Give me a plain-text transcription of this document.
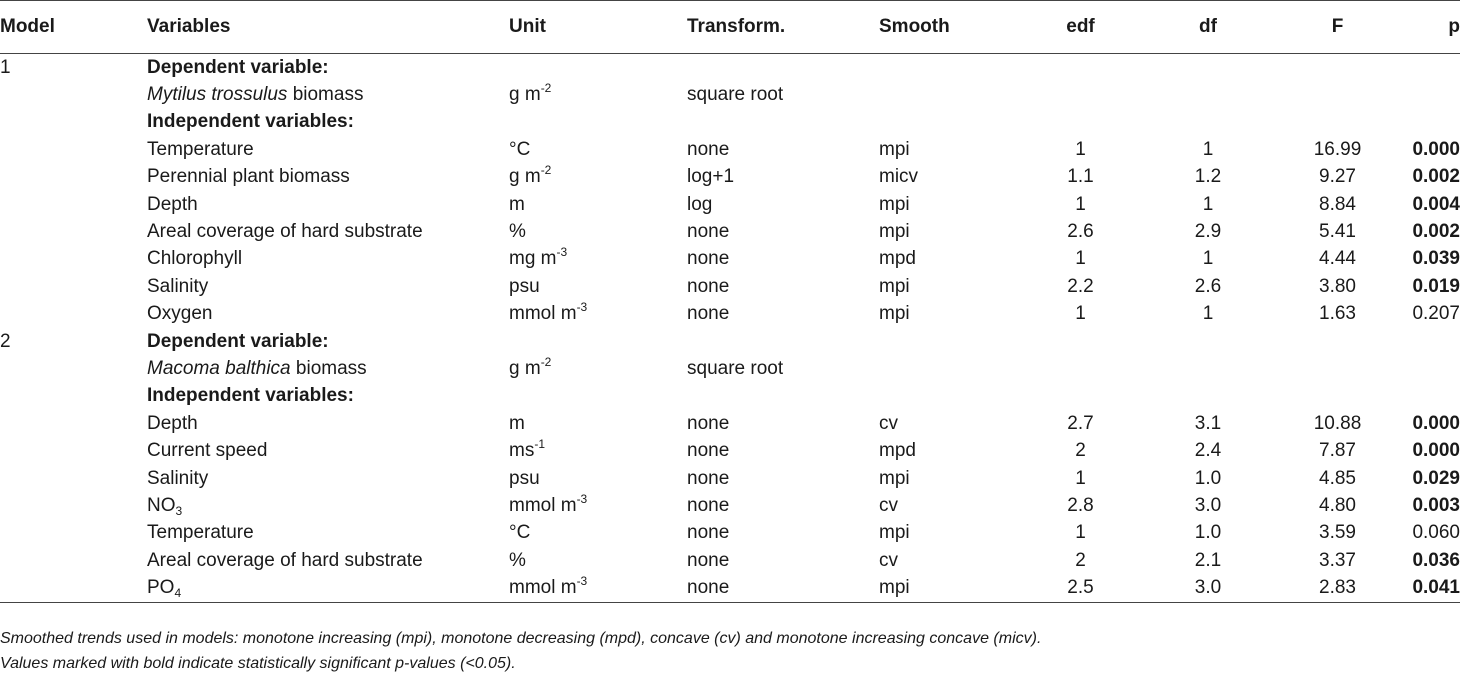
Model	Variables	Unit	Transform.	Smooth	edf	df	F	p
1	Dependent variable:							
	Mytilus trossulus biomass	g $m^{-2}$	square root					
	Independent variables:							
	Temperature	°C	none	mpi	1	1	16.99	0.000
	Perennial plant biomass	g $m^{-2}$	log+1	micv	1.1	1.2	9.27	0.002
	Depth	m	log	mpi	1	1	8.84	0.004
	Areal coverage of hard substrate	%	none	mpi	2.6	2.9	5.41	0.002
	Chlorophyll	mg $m^{-3}$	none	mpd	1	1	4.44	0.039
	Salinity	psu	none	mpi	2.2	2.6	3.80	0.019
	Oxygen	mmol $m^{-3}$	none	mpi	1	1	1.63	0.207
2	Dependent variable:							
	Macoma balthica biomass	g $m^{-2}$	square root					
	Independent variables:							
	Depth	m	none	cv	2.7	3.1	10.88	0.000
	Current speed	$ms^{-1}$	none	mpd	2	2.4	7.87	0.000
	Salinity	psu	none	mpi	1	1.0	4.85	0.029
	$NO_3$	mmol $m^{-3}$	none	cv	2.8	3.0	4.80	0.003
	Temperature	°C	none	mpi	1	1.0	3.59	0.060
	Areal coverage of hard substrate	%	none	cv	2	2.1	3.37	0.036
	$PO_4$	mmol $m^{-3}$	none	mpi	2.5	3.0	2.83	0.041
Smoothed trends used in models: monotone increasing (mpi), monotone decreasing (mpd), concave (cv) and monotone increasing concave (micv).
Values marked with bold indicate statistically significant p-values (<0.05).
